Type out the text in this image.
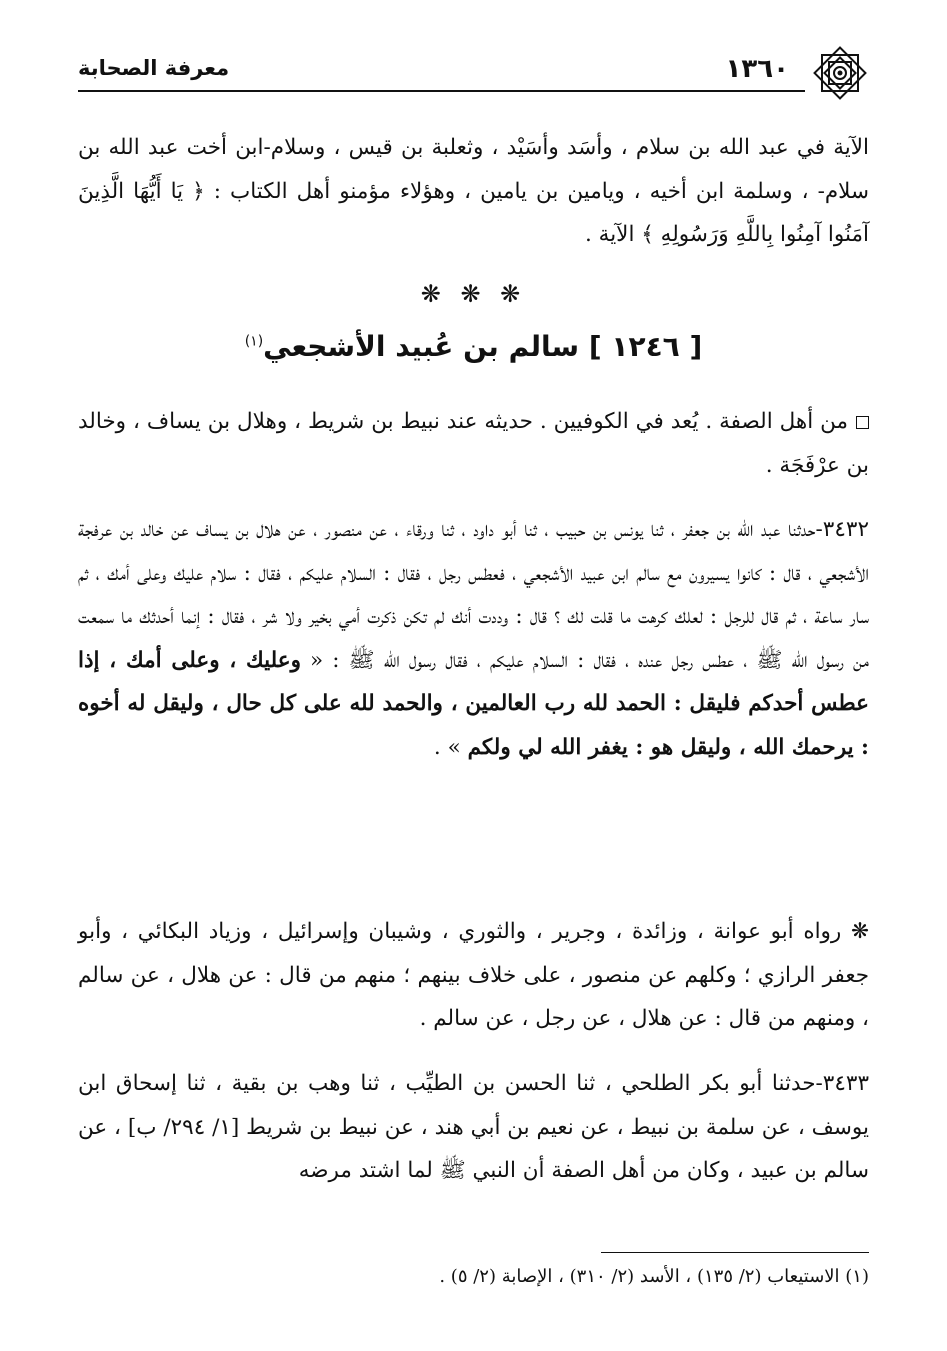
١٣٦٠
معرفة الصحابة

الآية في عبد الله بن سلام ، وأسَد وأسَيْد ، وثعلبة بن قيس ، وسلام-ابن أخت عبد الله بن سلام- ، وسلمة ابن أخيه ، ويامين بن يامين ، وهؤلاء مؤمنو أهل الكتاب : ﴿ يَا أَيُّهَا الَّذِينَ آمَنُوا آمِنُوا بِاللَّهِ وَرَسُولِهِ ﴾ الآية .

❋ ❋ ❋
[ ١٢٤٦ ] سالم بن عُبيد الأشجعي$^{(١)}$

من أهل الصفة . يُعد في الكوفيين . حديثه عند نبيط بن شريط ، وهلال بن يساف ، وخالد بن عرْفَجَة .

٣٤٣٢-حدثنا عبد الله بن جعفر ، ثنا يونس بن حبيب ، ثنا أبو داود ، ثنا ورقاء ، عن منصور ، عن هلال بن يساف عن خالد بن عرفجة الأشجعي ، قال : كانوا يسيرون مع سالم ابن عبيد الأشجعي ، فعطس رجل ، فقال : السلام عليكم ، فقال : سلام عليك وعلى أمك ، ثم سار ساعة ، ثم قال للرجل : لعلك كرهت ما قلت لك ؟ قال : وددت أنك لم تكن ذكرت أمي بخير ولا شر ، فقال : إنما أحدثك ما سمعت من رسول الله ﷺ ، عطس رجل عنده ، فقال : السلام عليكم ، فقال رسول الله ﷺ : « وعليك ، وعلى أمك ، إذا عطس أحدكم فليقل : الحمد لله رب العالمين ، والحمد لله على كل حال ، وليقل له أخوه : يرحمك الله ، وليقل هو : يغفر الله لي ولكم » .

❋ رواه أبو عوانة ، وزائدة ، وجرير ، والثوري ، وشيبان وإسرائيل ، وزياد البكائي ، وأبو جعفر الرازي ؛ وكلهم عن منصور ، على خلاف بينهم ؛ منهم من قال : عن هلال ، عن سالم ، ومنهم من قال : عن هلال ، عن رجل ، عن سالم .

٣٤٣٣-حدثنا أبو بكر الطلحي ، ثنا الحسن بن الطيِّب ، ثنا وهب بن بقية ، ثنا إسحاق ابن يوسف ، عن سلمة بن نبيط ، عن نعيم بن أبي هند ، عن نبيط بن شريط [١/ ٢٩٤/ ب] ، عن سالم بن عبيد ، وكان من أهل الصفة أن النبي ﷺ لما اشتد مرضه

(١) الاستيعاب (٢/ ١٣٥) ، الأسد (٢/ ٣١٠) ، الإصابة (٢/ ٥) .
